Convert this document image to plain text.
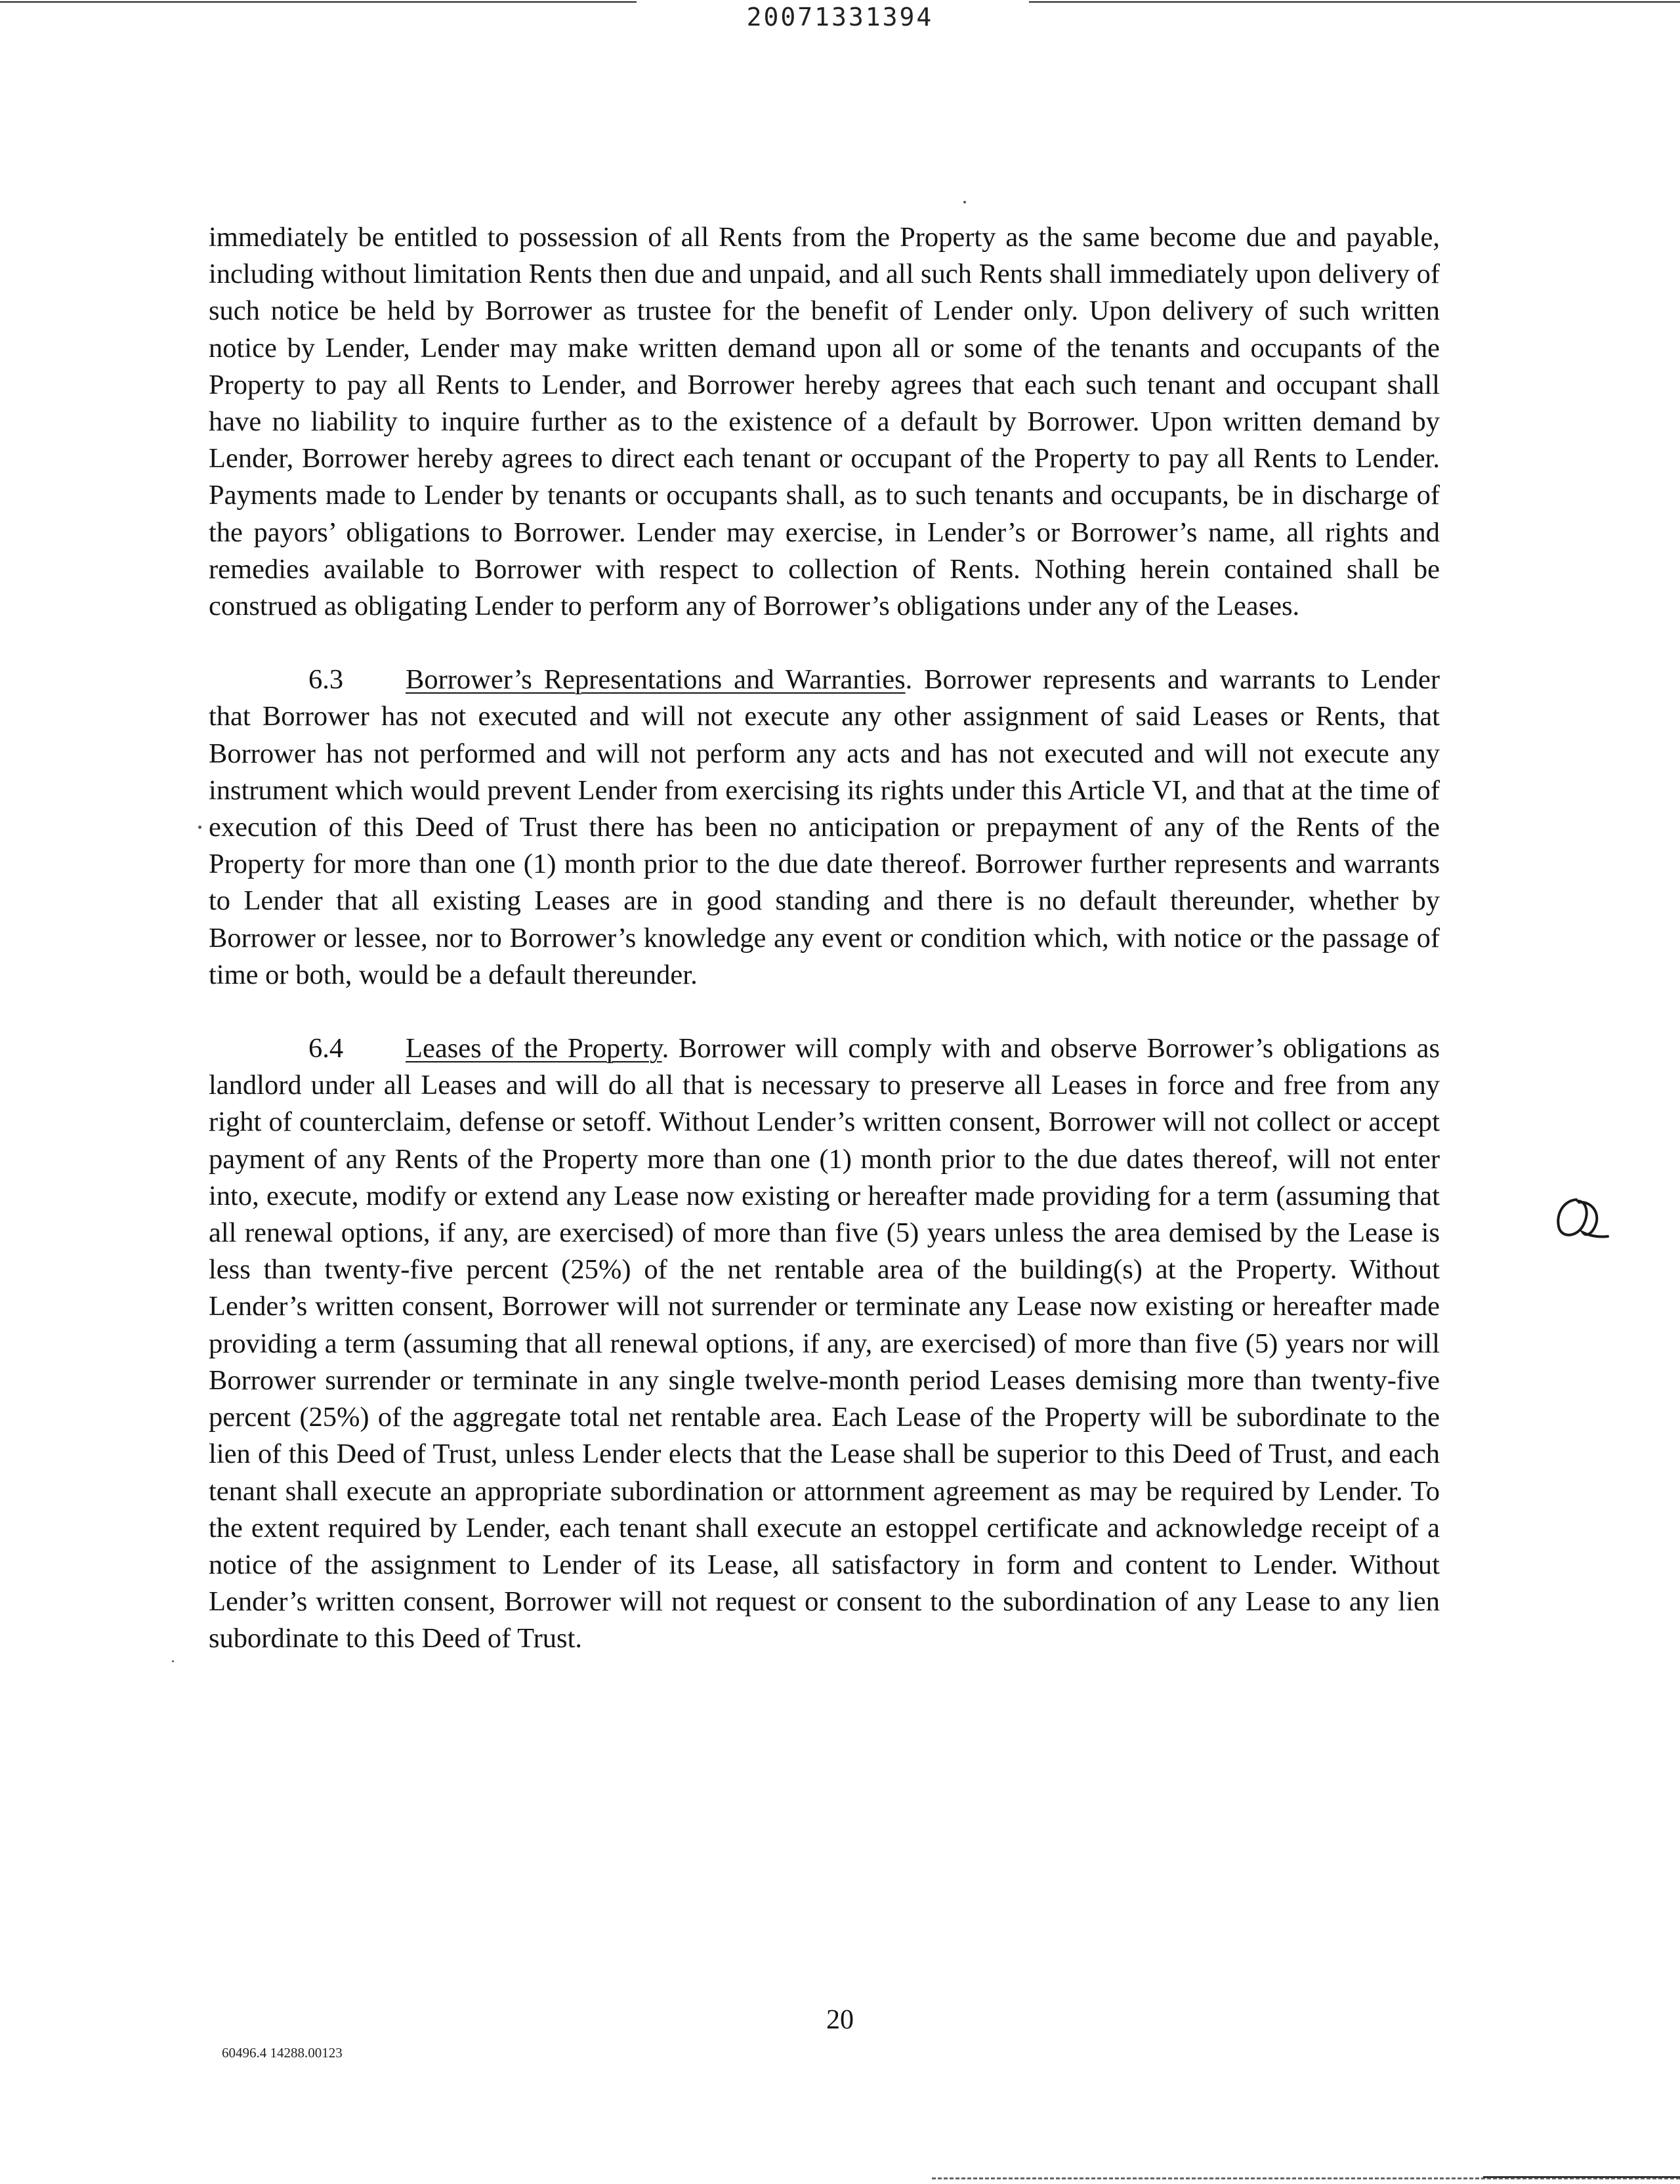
20071331394

immediately be entitled to possession of all Rents from the Property as the same become due and payable, including without limitation Rents then due and unpaid, and all such Rents shall immediately upon delivery of such notice be held by Borrower as trustee for the benefit of Lender only. Upon delivery of such written notice by Lender, Lender may make written demand upon all or some of the tenants and occupants of the Property to pay all Rents to Lender, and Borrower hereby agrees that each such tenant and occupant shall have no liability to inquire further as to the existence of a default by Borrower. Upon written demand by Lender, Borrower hereby agrees to direct each tenant or occupant of the Property to pay all Rents to Lender. Payments made to Lender by tenants or occupants shall, as to such tenants and occupants, be in discharge of the payors’ obligations to Borrower. Lender may exercise, in Lender’s or Borrower’s name, all rights and remedies available to Borrower with respect to collection of Rents. Nothing herein contained shall be construed as obligating Lender to perform any of Borrower’s obligations under any of the Leases.

6.3 Borrower’s Representations and Warranties. Borrower represents and warrants to Lender that Borrower has not executed and will not execute any other assignment of said Leases or Rents, that Borrower has not performed and will not perform any acts and has not executed and will not execute any instrument which would prevent Lender from exercising its rights under this Article VI, and that at the time of execution of this Deed of Trust there has been no anticipation or prepayment of any of the Rents of the Property for more than one (1) month prior to the due date thereof. Borrower further represents and warrants to Lender that all existing Leases are in good standing and there is no default thereunder, whether by Borrower or lessee, nor to Borrower’s knowledge any event or condition which, with notice or the passage of time or both, would be a default thereunder.

6.4 Leases of the Property. Borrower will comply with and observe Borrower’s obligations as landlord under all Leases and will do all that is necessary to preserve all Leases in force and free from any right of counterclaim, defense or setoff. Without Lender’s written consent, Borrower will not collect or accept payment of any Rents of the Property more than one (1) month prior to the due dates thereof, will not enter into, execute, modify or extend any Lease now existing or hereafter made providing for a term (assuming that all renewal options, if any, are exercised) of more than five (5) years unless the area demised by the Lease is less than twenty-five percent (25%) of the net rentable area of the building(s) at the Property. Without Lender’s written consent, Borrower will not surrender or terminate any Lease now existing or hereafter made providing a term (assuming that all renewal options, if any, are exercised) of more than five (5) years nor will Borrower surrender or terminate in any single twelve-month period Leases demising more than twenty-five percent (25%) of the aggregate total net rentable area. Each Lease of the Property will be subordinate to the lien of this Deed of Trust, unless Lender elects that the Lease shall be superior to this Deed of Trust, and each tenant shall execute an appropriate subordination or attornment agreement as may be required by Lender. To the extent required by Lender, each tenant shall execute an estoppel certificate and acknowledge receipt of a notice of the assignment to Lender of its Lease, all satisfactory in form and content to Lender. Without Lender’s written consent, Borrower will not request or consent to the subordination of any Lease to any lien subordinate to this Deed of Trust.

20
60496.4 14288.00123
